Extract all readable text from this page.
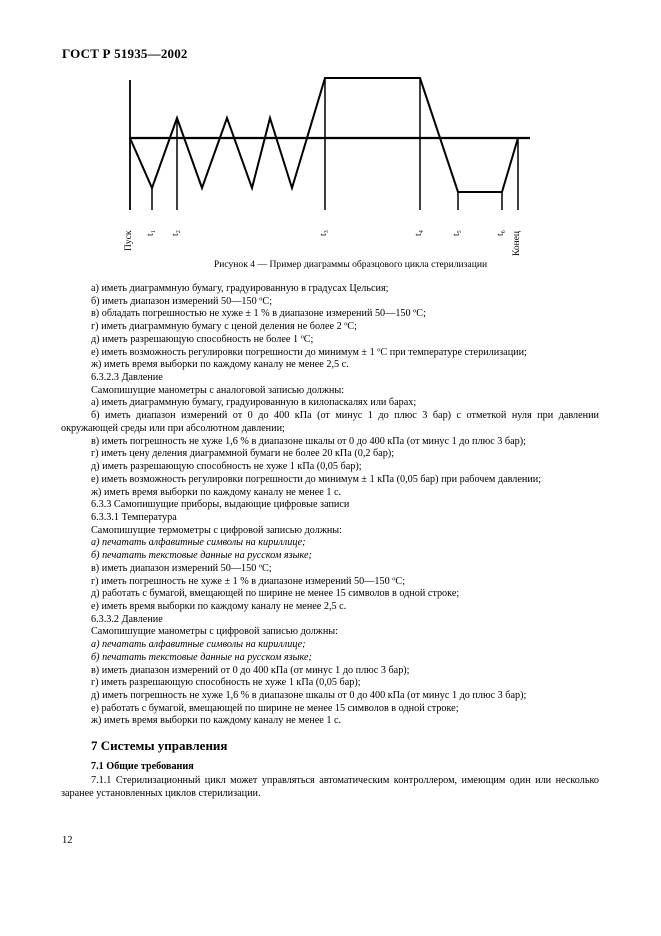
ГОСТ Р 51935—2002
Пуск t₁ t₂	t₃	t₄	t₅	t₆ Конец
Рисунок 4 — Пример диаграммы образцового цикла стерилизации

а) иметь диаграммную бумагу, градуированную в градусах Цельсия;

б) иметь диапазон измерений 50—150 ºС;

в) обладать погрешностью не хуже ± 1 % в диапазоне измерений 50—150 ºС;

г) иметь диаграммную бумагу с ценой деления не более 2 ºС;

д) иметь разрешающую способность не более 1 ºС;

е) иметь возможность регулировки погрешности до минимум ± 1 ºС при температуре стерилизации;

ж) иметь время выборки по каждому каналу не менее 2,5 с.

6.3.2.3 Давление

Самопишущие манометры с аналоговой записью должны:

а) иметь диаграммную бумагу, градуированную в килопаскалях или барах;

б) иметь диапазон измерений от 0 до 400 кПа (от минус 1 до плюс 3 бар) с отметкой нуля при давлении окружающей среды или при абсолютном давлении;

в) иметь погрешность не хуже 1,6 % в диапазоне шкалы от 0 до 400 кПа (от минус 1 до плюс 3 бар);

г) иметь цену деления диаграммной бумаги не более 20 кПа (0,2 бар);

д) иметь разрешающую способность не хуже 1 кПа (0,05 бар);

е) иметь возможность регулировки погрешности до минимум ± 1 кПа (0,05 бар) при рабочем давлении;

ж) иметь время выборки по каждому каналу не менее 1 с.

6.3.3 Самопишущие приборы, выдающие цифровые записи

6.3.3.1 Температура

Самопишущие термометры с цифровой записью должны:

а) печатать алфавитные символы на кириллице;

б) печатать текстовые данные на русском языке;

в) иметь диапазон измерений 50—150 ºС;

г) иметь погрешность не хуже ± 1 % в диапазоне измерений 50—150 ºС;

д) работать с бумагой, вмещающей по ширине не менее 15 символов в одной строке;

е) иметь время выборки по каждому каналу не менее 2,5 с.

6.3.3.2 Давление

Самопишущие манометры с цифровой записью должны:

а) печатать алфавитные символы на кириллице;

б) печатать текстовые данные на русском языке;

в) иметь диапазон измерений от 0 до 400 кПа (от минус 1 до плюс 3 бар);

г) иметь разрешающую способность не хуже 1 кПа (0,05 бар);

д) иметь погрешность не хуже 1,6 % в диапазоне шкалы от 0 до 400 кПа (от минус 1 до плюс 3 бар);

е) работать с бумагой, вмещающей по ширине не менее 15 символов в одной строке;

ж) иметь время выборки по каждому каналу не менее 1 с.

7 Системы управления

7.1 Общие требования

7.1.1 Стерилизационный цикл может управляться автоматическим контроллером, имеющим один или несколько заранее установленных циклов стерилизации.

12
